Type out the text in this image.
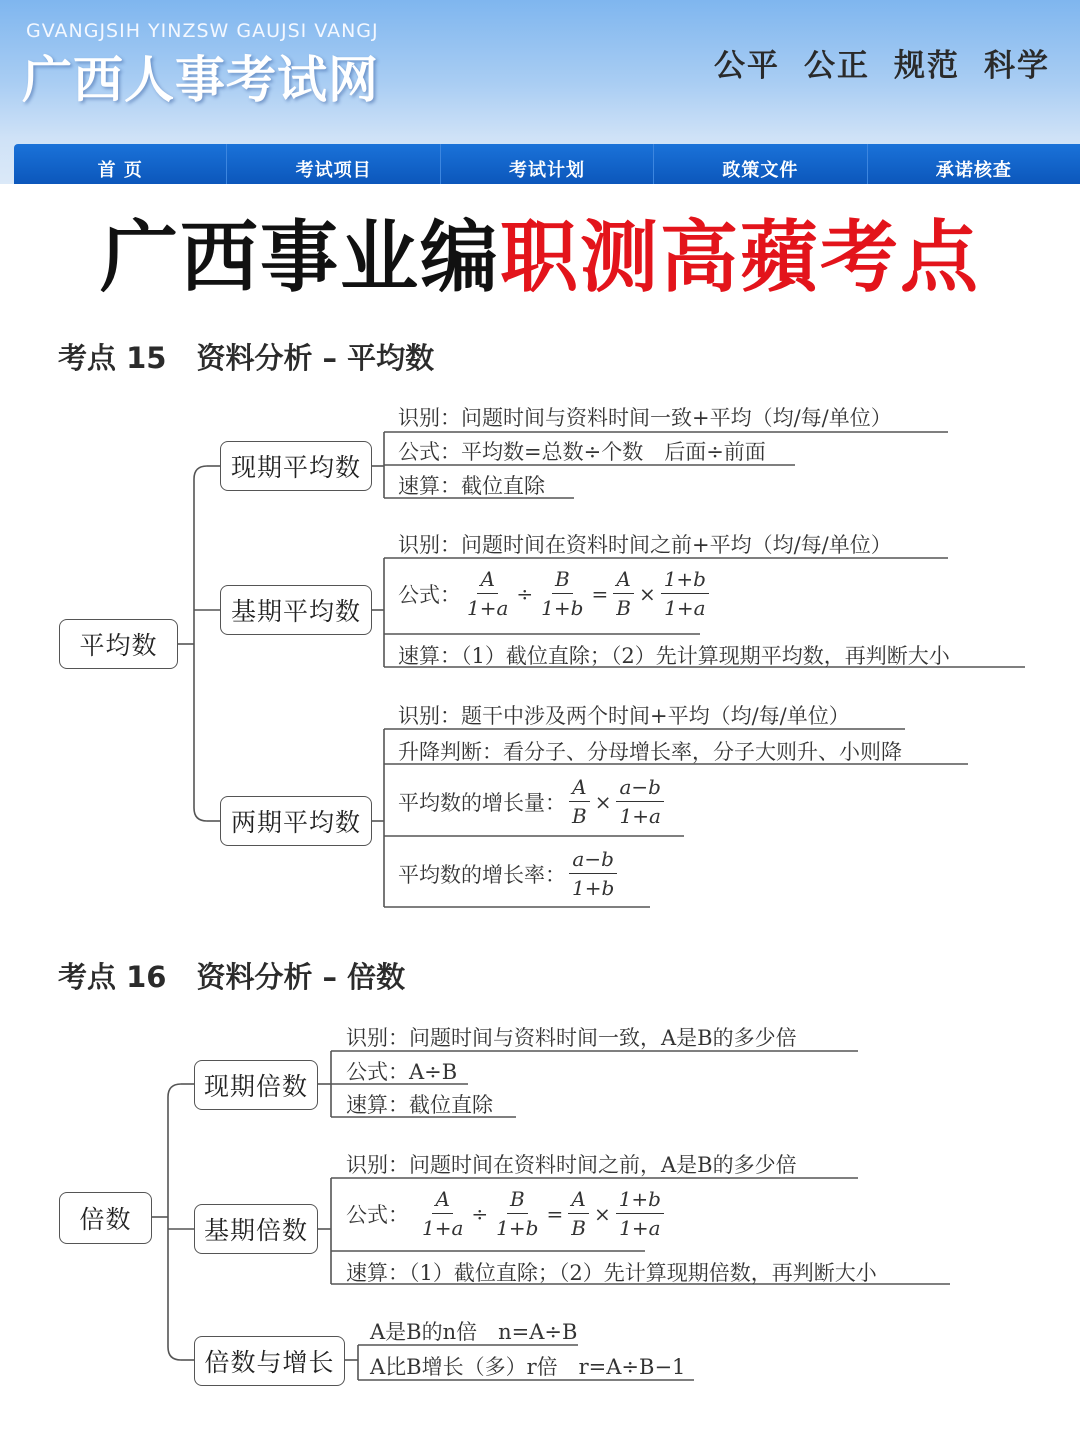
GVANGJSIH YINZSW GAUJSI VANGJ
广西人事考试网	公平 公正 规范 科学
首 页	考试项目	考试计划	政策文件	承诺核查
广西事业编职测高蘋考点
考点 15 资料分析 – 平均数
考点 16 资料分析 – 倍数
平均数
现期平均数
基期平均数
两期平均数
识别：问题时间与资料时间一致+平均（均/每/单位）
公式：平均数=总数÷个数　后面÷前面
速算：截位直除
识别：问题时间在资料时间之前+平均（均/每/单位）
公式： $\frac{A}{1+a} \div \frac{B}{1+b} = \frac{A}{B} \times \frac{1+b}{1+a}$
速算：（1）截位直除；（2）先计算现期平均数，再判断大小
识别：题干中涉及两个时间+平均（均/每/单位）
升降判断：看分子、分母增长率，分子大则升、小则降
平均数的增长量： $\frac{A}{B} \times \frac{a-b}{1+a}$
平均数的增长率： $\frac{a-b}{1+b}$
倍数
现期倍数
基期倍数
倍数与增长
识别：问题时间与资料时间一致，A是B的多少倍
公式：A÷B
速算：截位直除
识别：问题时间在资料时间之前，A是B的多少倍
公式： $\frac{A}{1+a} \div \frac{B}{1+b} = \frac{A}{B} \times \frac{1+b}{1+a}$
速算：（1）截位直除；（2）先计算现期倍数，再判断大小
A是B的n倍　n=A÷B
A比B增长（多）r倍　r=A÷B−1
